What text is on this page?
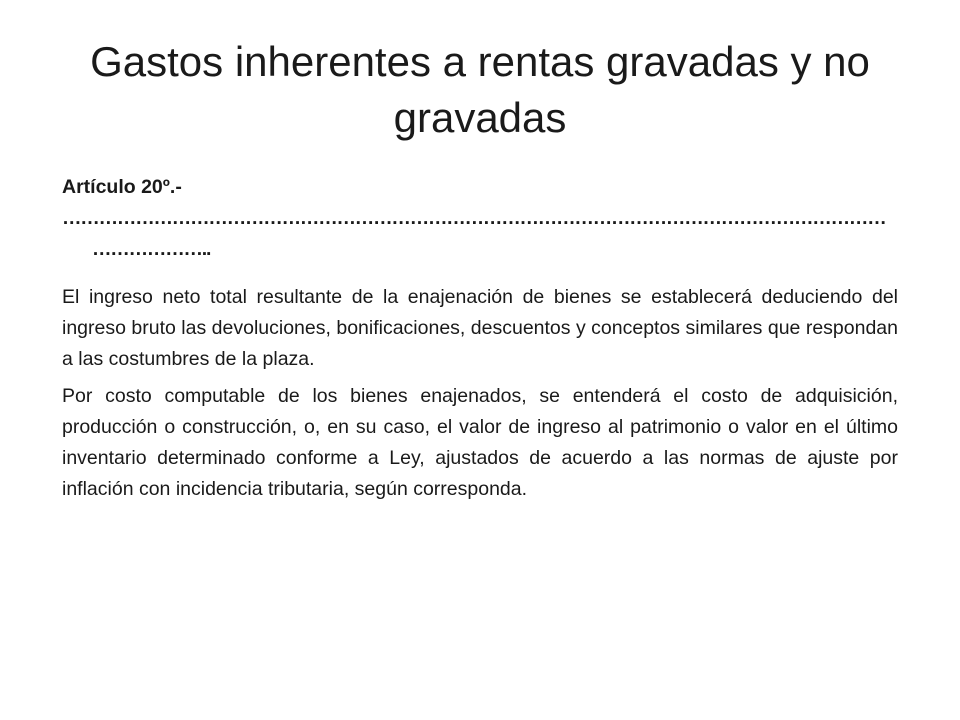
Gastos inherentes a rentas gravadas y no gravadas

Artículo 20º.-

………………………………………………………………………………………………………………………
………………..

El ingreso neto total resultante de la enajenación de bienes se establecerá deduciendo del ingreso bruto las devoluciones, bonificaciones, descuentos y conceptos similares que respondan a las costumbres de la plaza.

Por costo computable de los bienes enajenados, se entenderá el costo de adquisición, producción o construcción, o, en su caso, el valor de ingreso al patrimonio o valor en el último inventario determinado conforme a Ley, ajustados de acuerdo a las normas de ajuste por inflación con incidencia tributaria, según corresponda.
